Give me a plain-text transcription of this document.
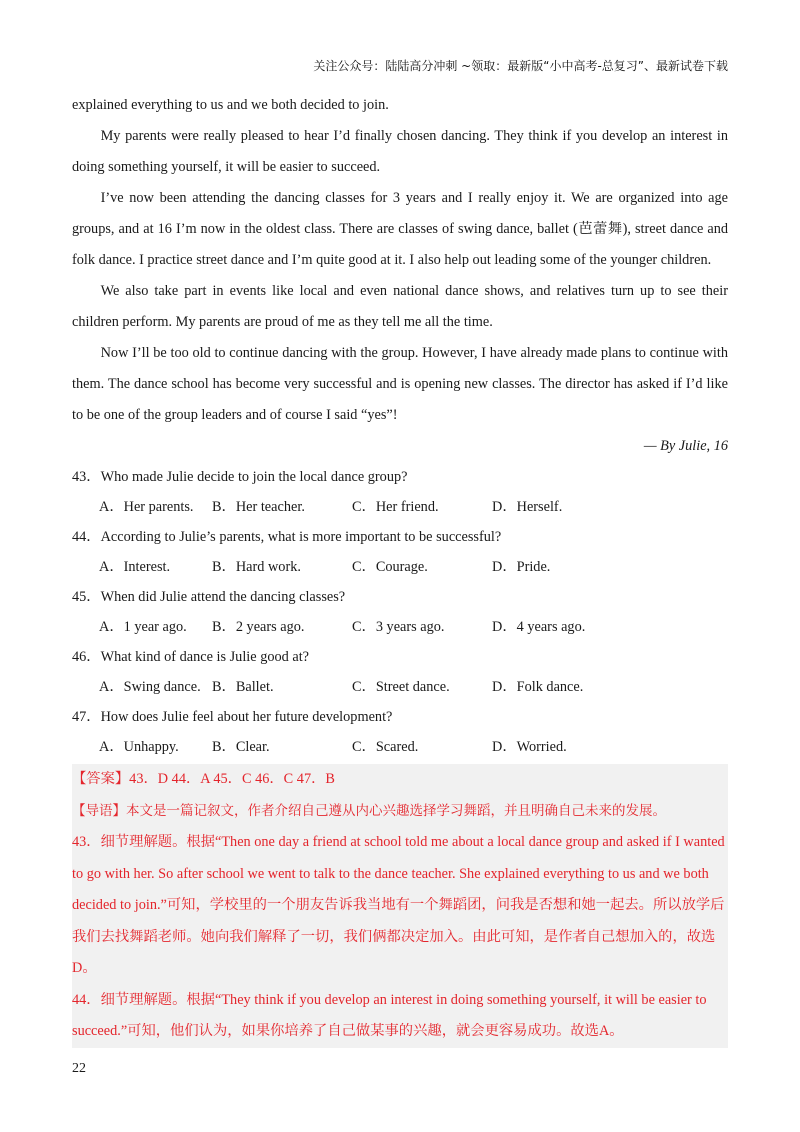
关注公众号：陆陆高分冲刺 ~领取：最新版“小中高考-总复习”、最新试卷下载

explained everything to us and we both decided to join.

My parents were really pleased to hear I’d finally chosen dancing. They think if you develop an interest in doing something yourself, it will be easier to succeed.

I’ve now been attending the dancing classes for 3 years and I really enjoy it. We are organized into age groups, and at 16 I’m now in the oldest class. There are classes of swing dance, ballet (芭蕾舞), street dance and folk dance. I practice street dance and I’m quite good at it. I also help out leading some of the younger children.

We also take part in events like local and even national dance shows, and relatives turn up to see their children perform. My parents are proud of me as they tell me all the time.

Now I’ll be too old to continue dancing with the group. However, I have already made plans to continue with them. The dance school has become very successful and is opening new classes. The director has asked if I’d like to be one of the group leaders and of course I said “yes”!

— By Julie, 16
43．Who made Julie decide to join the local dance group?
A．Her parents.	B．Her teacher.	C．Her friend.	D．Herself.
44．According to Julie’s parents, what is more important to be successful?
A．Interest.	B．Hard work.	C．Courage.	D．Pride.
45．When did Julie attend the dancing classes?
A．1 year ago.	B．2 years ago.	C．3 years ago.	D．4 years ago.
46．What kind of dance is Julie good at?
A．Swing dance. B．Ballet.	C．Street dance.	D．Folk dance.
47．How does Julie feel about her future development?
A．Unhappy.	B．Clear.	C．Scared.	D．Worried.
【答案】43．D 44．A 45．C 46．C 47．B
【导语】本文是一篇记叙文，作者介绍自己遵从内心兴趣选择学习舞蹈，并且明确自己未来的发展。
43．细节理解题。根据“Then one day a friend at school told me about a local dance group and asked if I wanted
to go with her. So after school we went to talk to the dance teacher. She explained everything to us and we both
decided to join.”可知，学校里的一个朋友告诉我当地有一个舞蹈团，问我是否想和她一起去。所以放学后
我们去找舞蹈老师。她向我们解释了一切，我们俩都决定加入。由此可知，是作者自己想加入的，故选
D。
44．细节理解题。根据“They think if you develop an interest in doing something yourself, it will be easier to
succeed.”可知，他们认为，如果你培养了自己做某事的兴趣，就会更容易成功。故选A。
22
